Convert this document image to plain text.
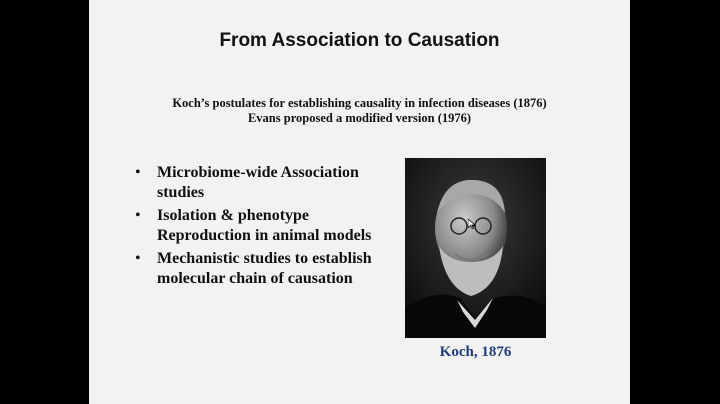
From Association to Causation
Koch’s postulates for establishing causality in infection diseases (1876)
Evans proposed a modified version (1976)
• Microbiome-wide Association studies
• Isolation & phenotype Reproduction in animal models
• Mechanistic studies to establish molecular chain of causation
Koch, 1876
